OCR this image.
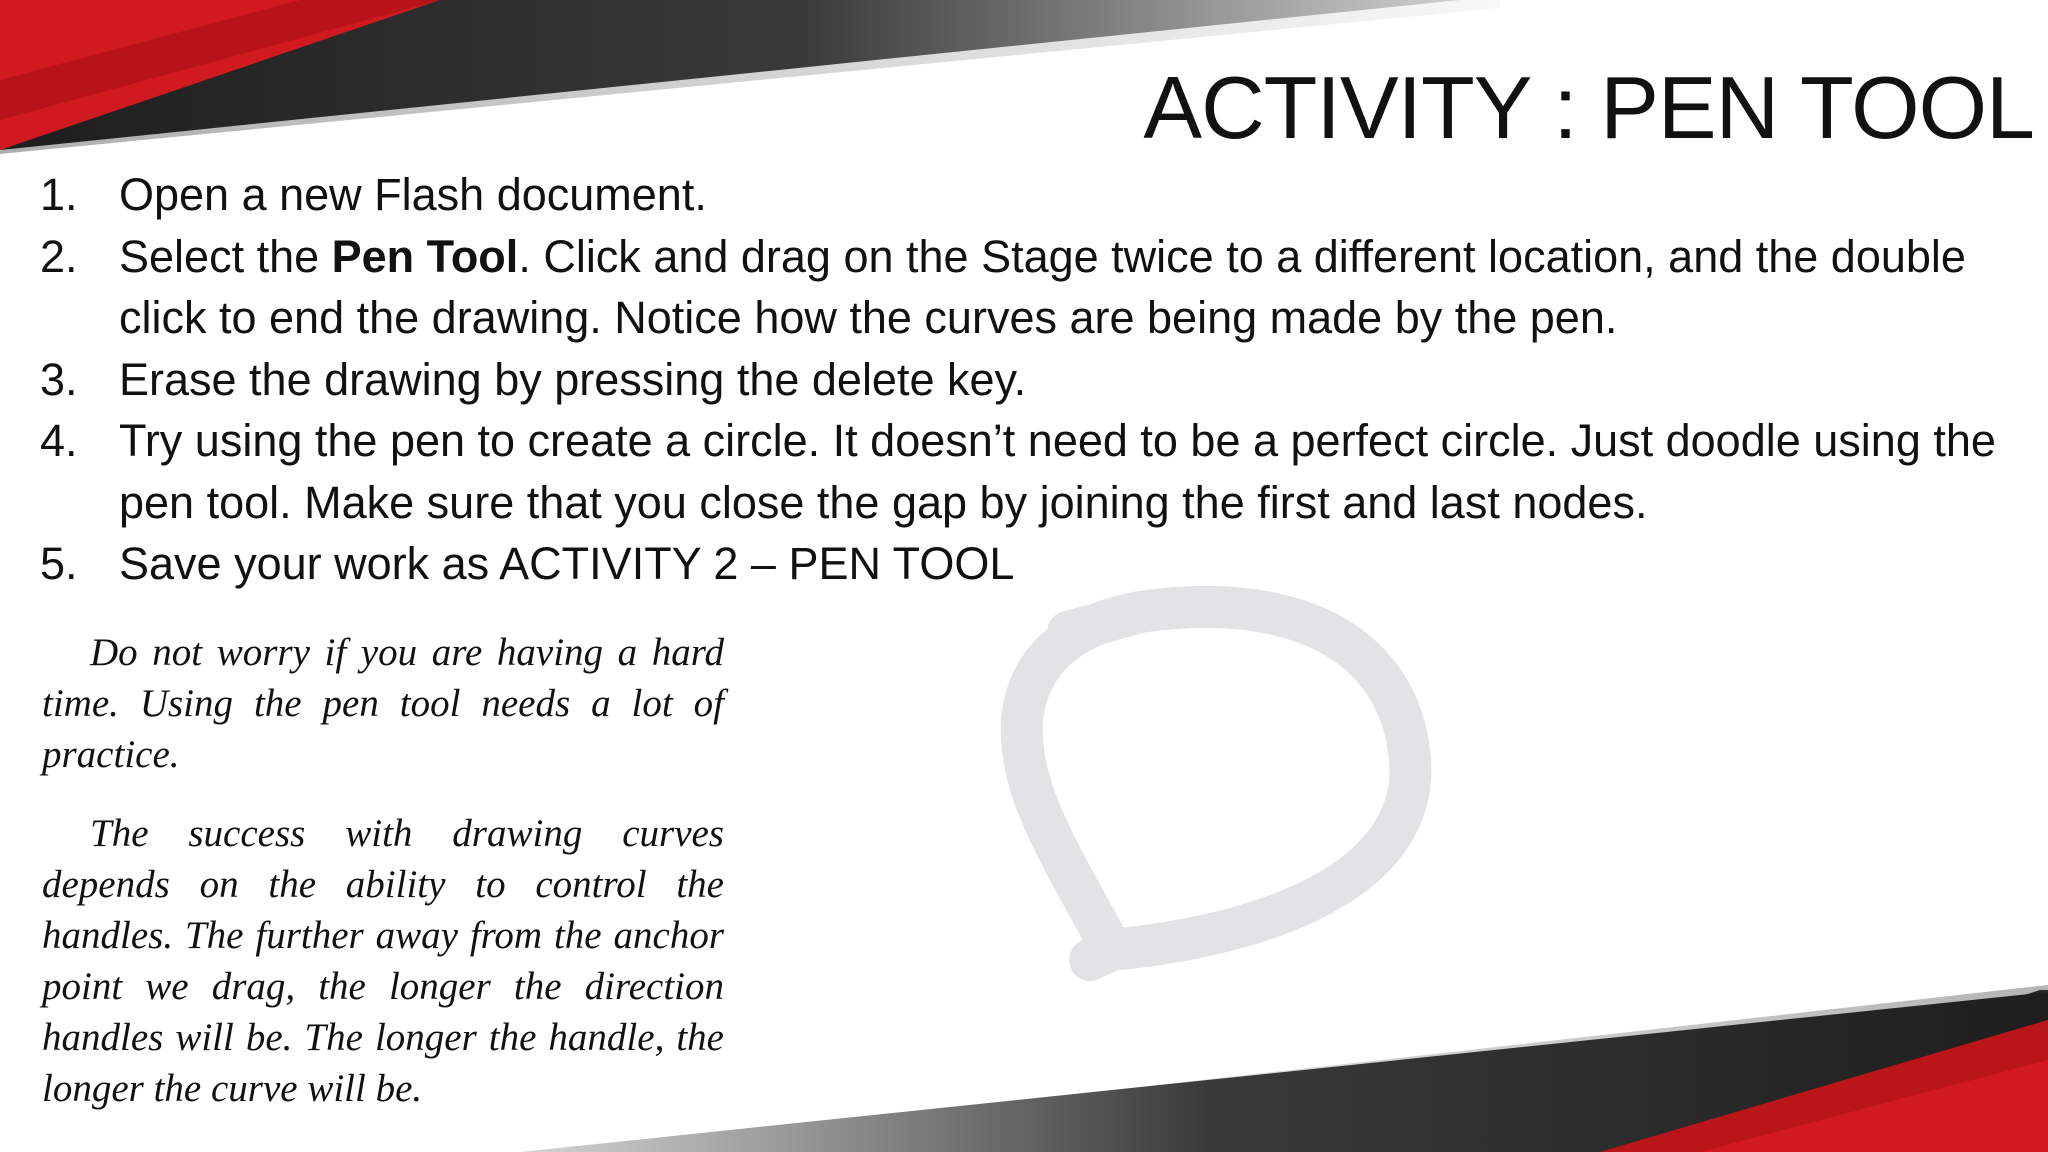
ACTIVITY : PEN TOOL
1. Open a new Flash document.
2. Select the Pen Tool. Click and drag on the Stage twice to a different location, and the double click to end the drawing. Notice how the curves are being made by the pen.
3. Erase the drawing by pressing the delete key.
4. Try using the pen to create a circle. It doesn’t need to be a perfect circle. Just doodle using the pen tool. Make sure that you close the gap by joining the first and last nodes.
5. Save your work as ACTIVITY 2 – PEN TOOL

Do not worry if you are having a hard time. Using the pen tool needs a lot of practice.

The success with drawing curves depends on the ability to control the handles. The further away from the anchor point we drag, the longer the direction handles will be. The longer the handle, the longer the curve will be.
